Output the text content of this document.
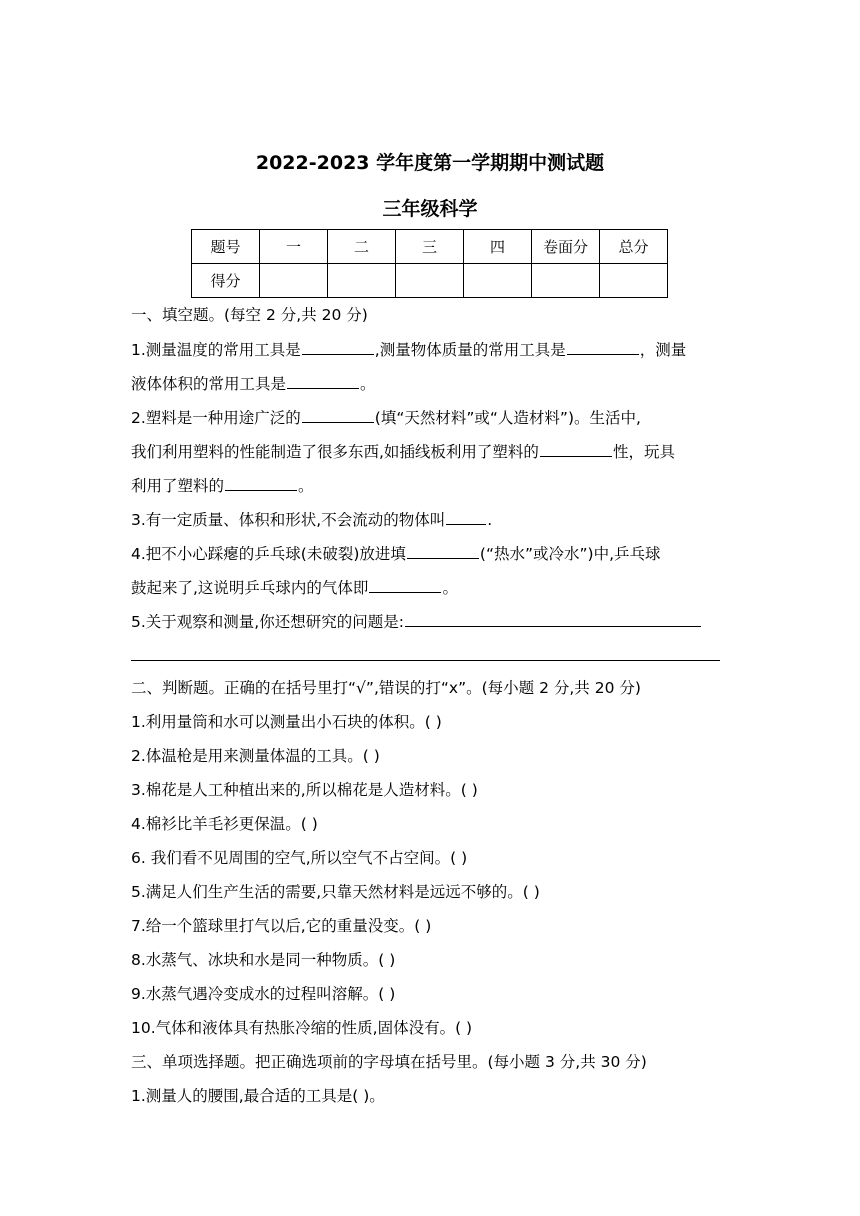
2022-2023 学年度第一学期期中测试题
三年级科学
题号	一	二	三	四	卷面分	总分
得分						
一、填空题。(每空 2 分,共 20 分)
1.测量温度的常用工具是	,测量物体质量的常用工具是	，测量
液体体积的常用工具是	。
2.塑料是一种用途广泛的	(填“天然材料”或“人造材料”)。生活中,
我们利用塑料的性能制造了很多东西,如插线板利用了塑料的	性，玩具
利用了塑料的	。
3.有一定质量、体积和形状,不会流动的物体叫	.
4.把不小心踩瘪的乒乓球(未破裂)放进填	(“热水”或冷水”)中,乒乓球
鼓起来了,这说明乒乓球内的气体即	。
5.关于观察和测量,你还想研究的问题是:
二、判断题。正确的在括号里打“√”,错误的打“x”。(每小题 2 分,共 20 分)
1.利用量筒和水可以测量出小石块的体积。( )
2.体温枪是用来测量体温的工具。( )
3.棉花是人工种植出来的,所以棉花是人造材料。( )
4.棉衫比羊毛衫更保温。( )
6. 我们看不见周围的空气,所以空气不占空间。( )
5.满足人们生产生活的需要,只靠天然材料是远远不够的。( )
7.给一个篮球里打气以后,它的重量没变。( )
8.水蒸气、冰块和水是同一种物质。( )
9.水蒸气遇冷变成水的过程叫溶解。( )
10.气体和液体具有热胀冷缩的性质,固体没有。( )
三、单项选择题。把正确选项前的字母填在括号里。(每小题 3 分,共 30 分)
1.测量人的腰围,最合适的工具是( )。
